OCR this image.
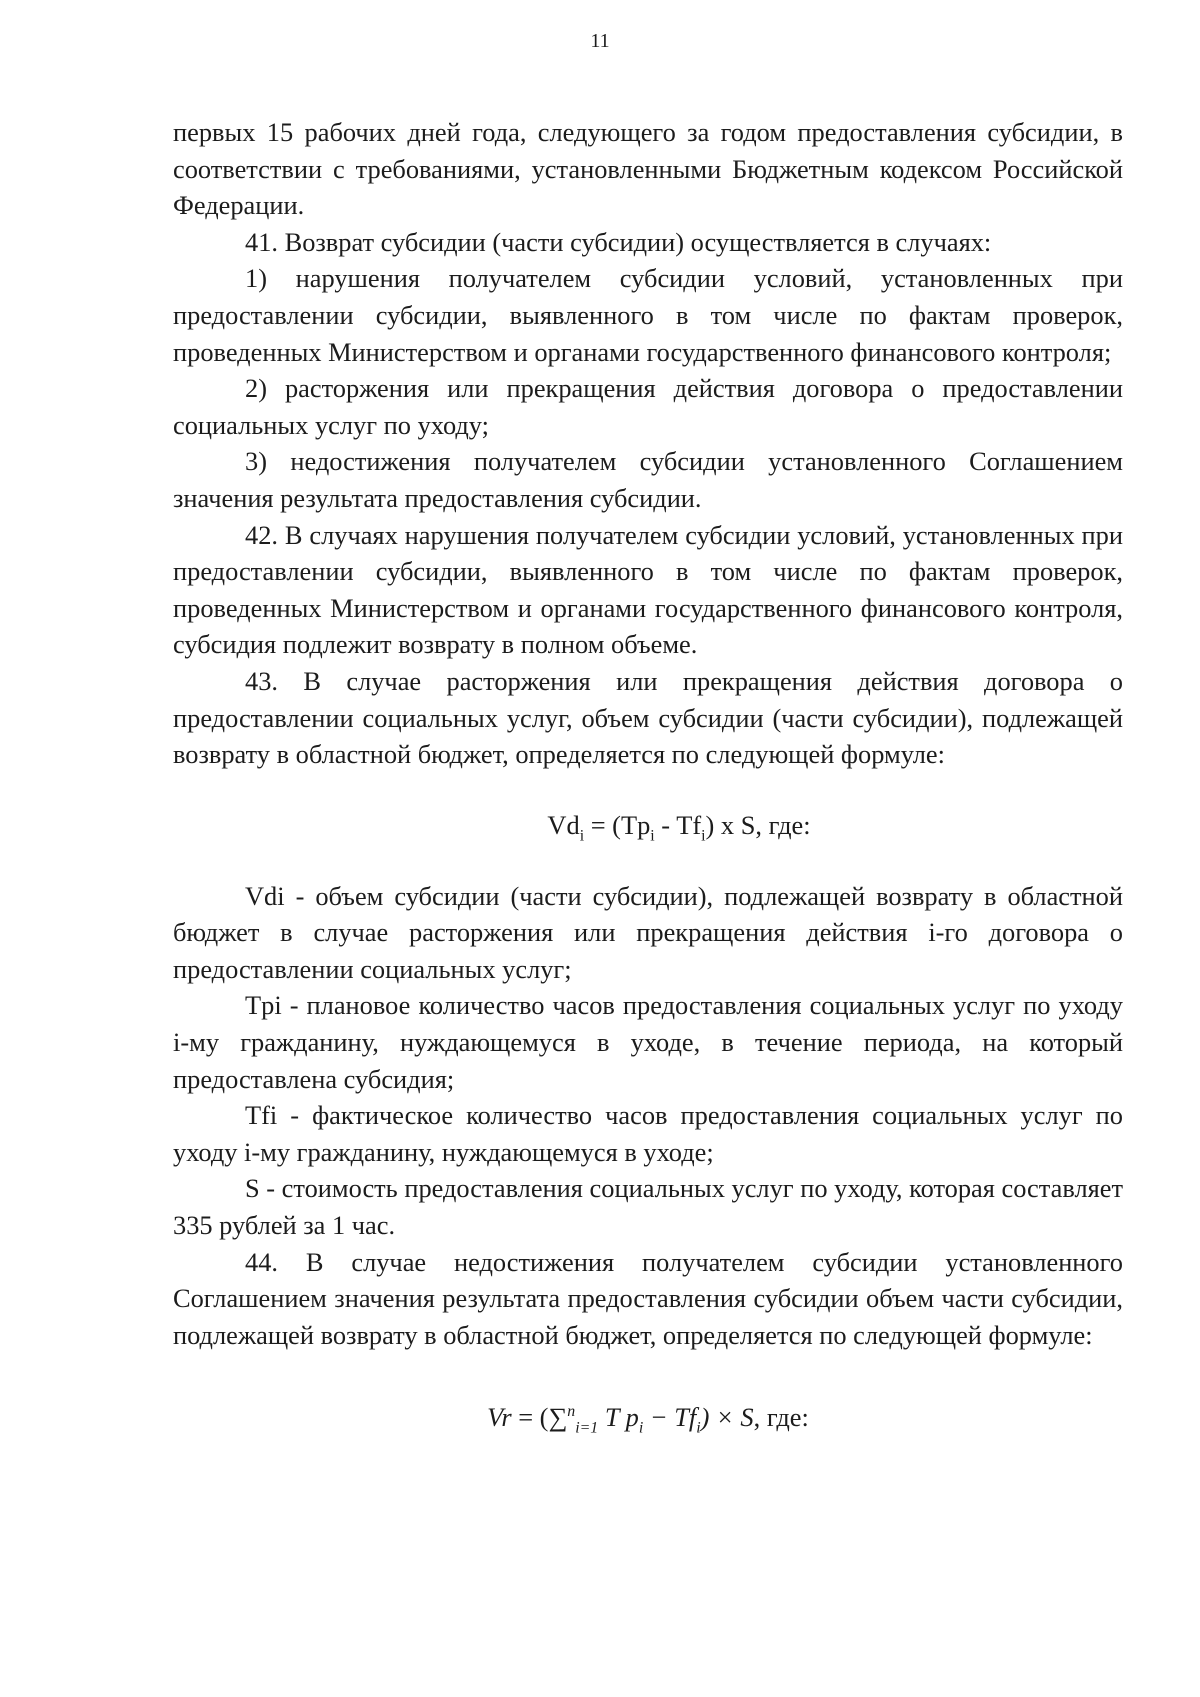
11

первых 15 рабочих дней года, следующего за годом предоставления субсидии, в соответствии с требованиями, установленными Бюджетным кодексом Российской Федерации.

41. Возврат субсидии (части субсидии) осуществляется в случаях:

1) нарушения получателем субсидии условий, установленных при предоставлении субсидии, выявленного в том числе по фактам проверок, проведенных Министерством и органами государственного финансового контроля;

2) расторжения или прекращения действия договора о предоставлении социальных услуг по уходу;

3) недостижения получателем субсидии установленного Соглашением значения результата предоставления субсидии.

42. В случаях нарушения получателем субсидии условий, установленных при предоставлении субсидии, выявленного в том числе по фактам проверок, проведенных Министерством и органами государственного финансового контроля, субсидия подлежит возврату в полном объеме.

43. В случае расторжения или прекращения действия договора о предоставлении социальных услуг, объем субсидии (части субсидии), подлежащей возврату в областной бюджет, определяется по следующей формуле:

$Vd_i = (Tp_i - Tf_i)$ x S, где:

Vdi - объем субсидии (части субсидии), подлежащей возврату в областной бюджет в случае расторжения или прекращения действия i-го договора о предоставлении социальных услуг;

Tpi - плановое количество часов предоставления социальных услуг по уходу i-му гражданину, нуждающемуся в уходе, в течение периода, на который предоставлена субсидия;

Tfi - фактическое количество часов предоставления социальных услуг по уходу i-му гражданину, нуждающемуся в уходе;

S - стоимость предоставления социальных услуг по уходу, которая составляет 335 рублей за 1 час.

44. В случае недостижения получателем субсидии установленного Соглашением значения результата предоставления субсидии объем части субсидии, подлежащей возврату в областной бюджет, определяется по следующей формуле:

Vr = (∑$^n_{i=1}$ T $p_i - Tf_i) \times S$, где:
